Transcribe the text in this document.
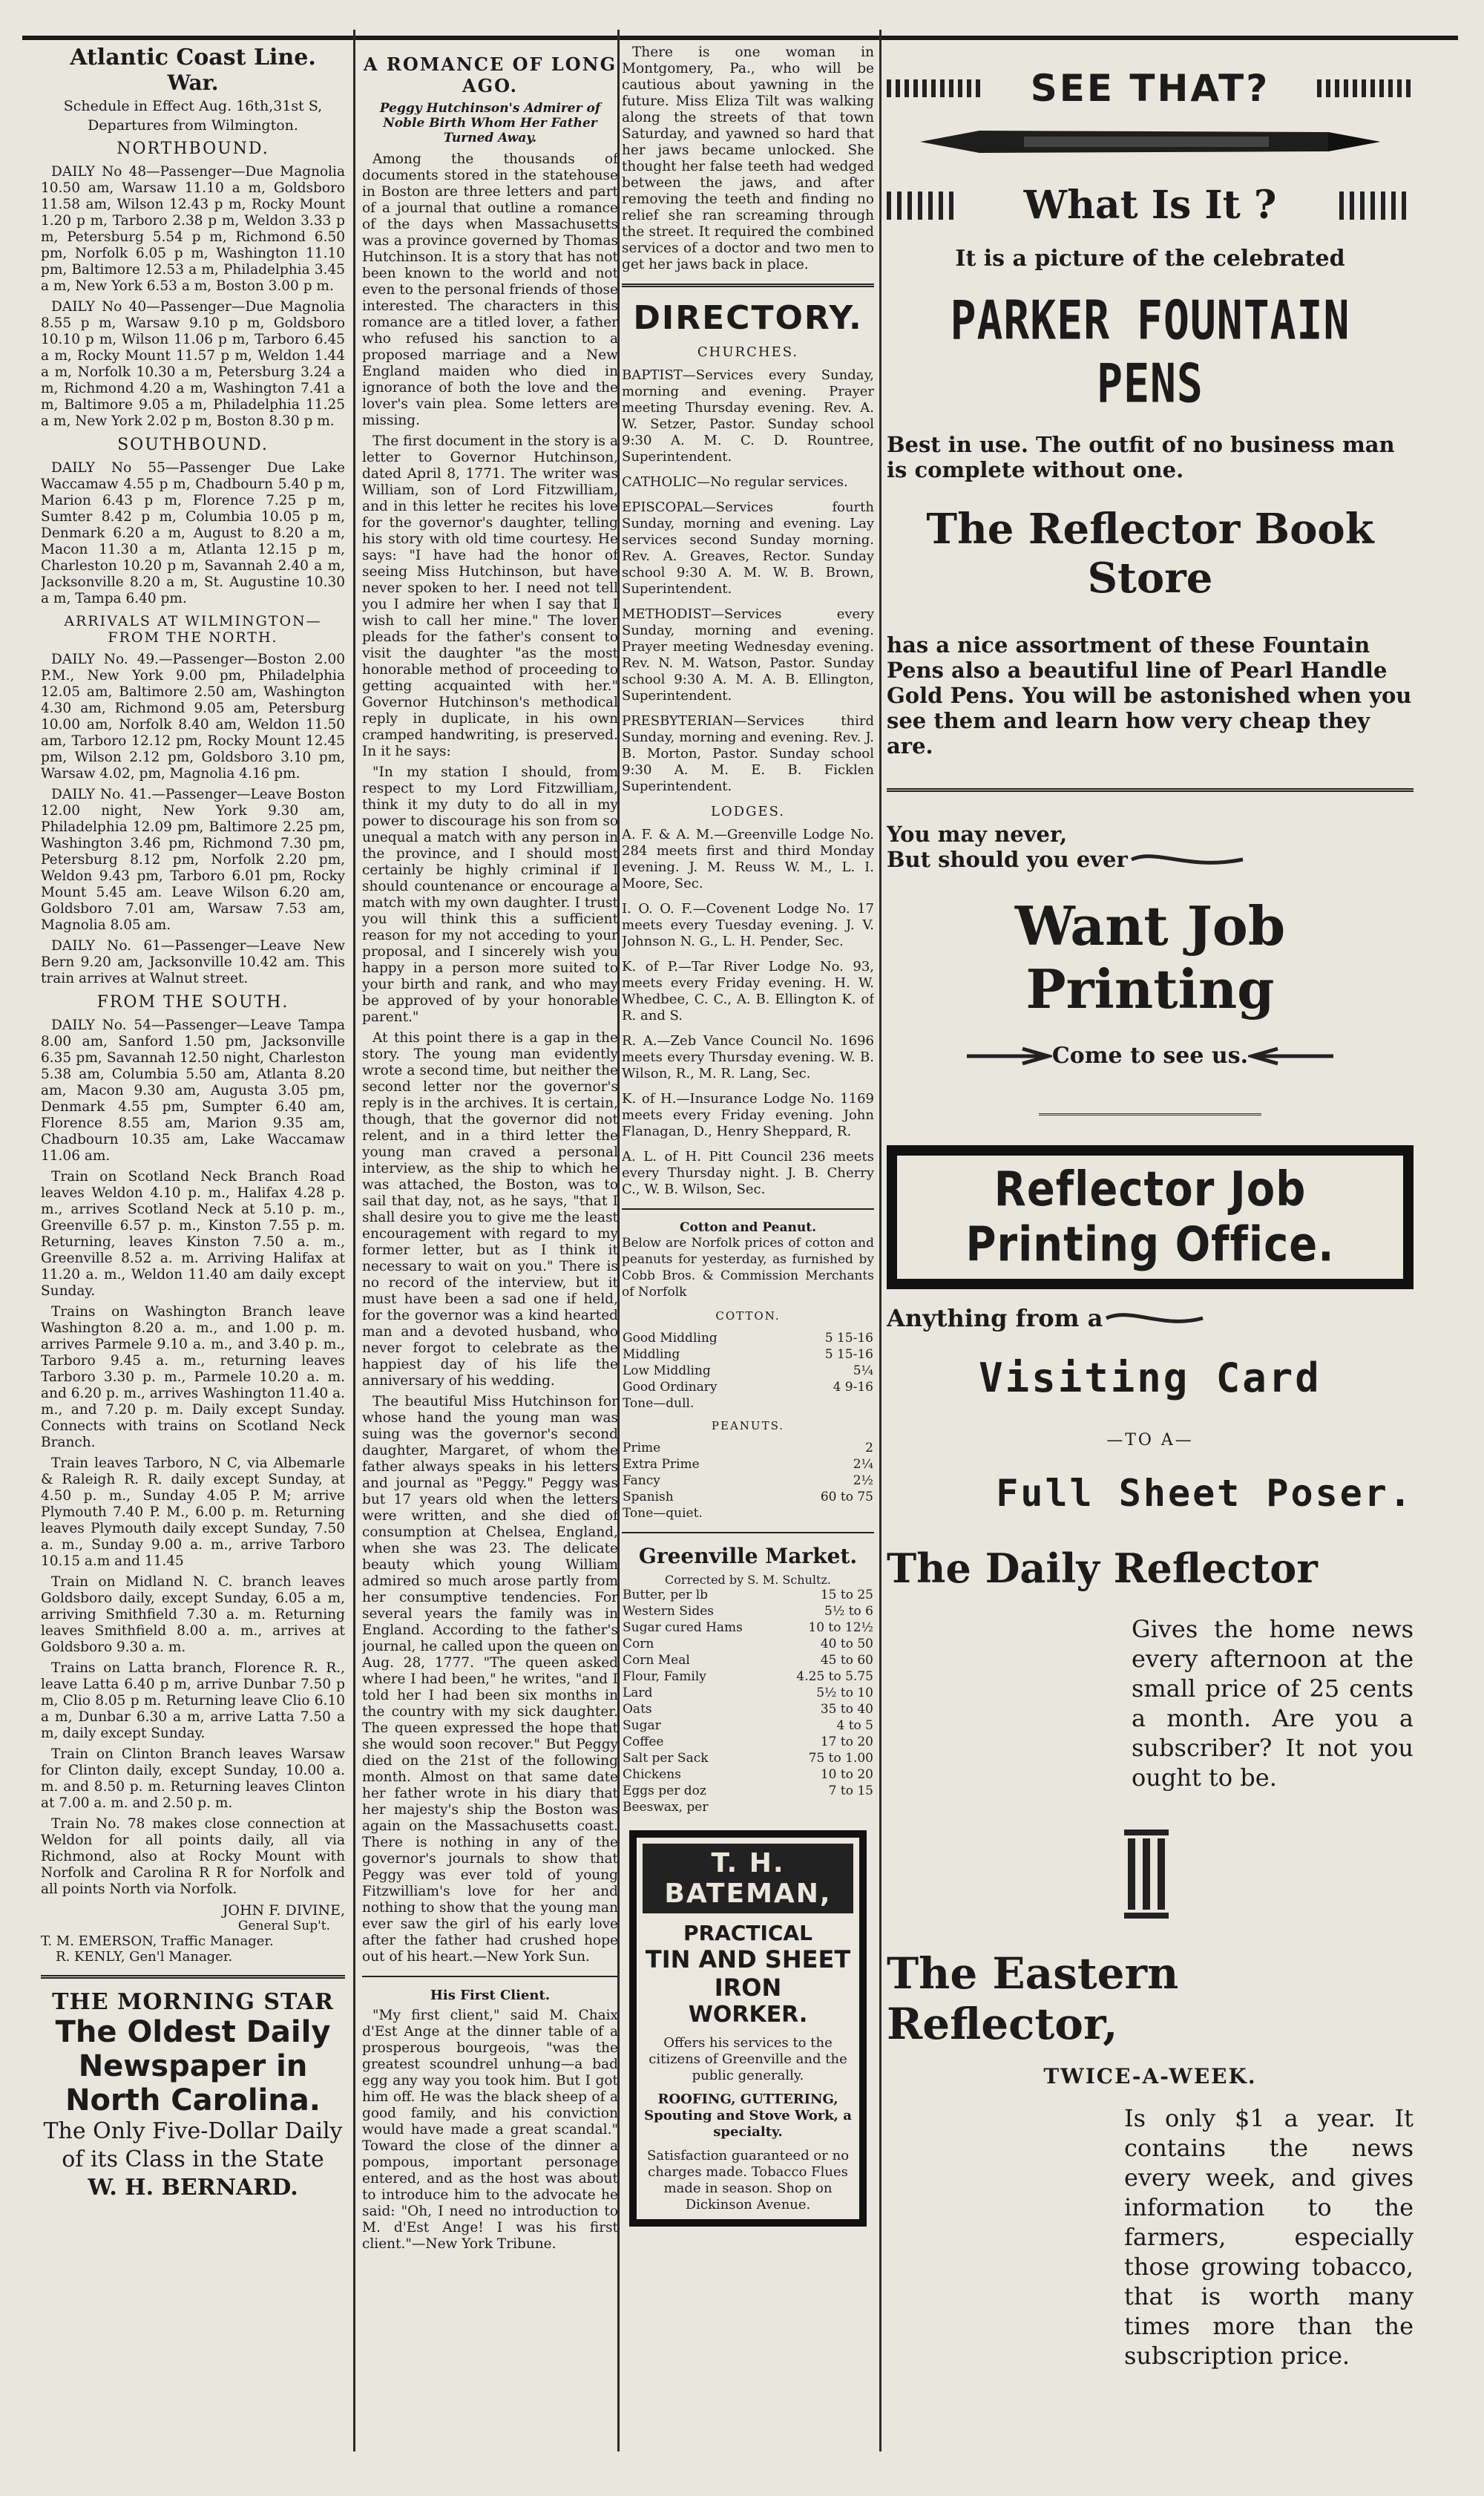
Atlantic Coast Line.

War.

Schedule in Effect Aug. 16th,31st S,

Departures from Wilmington.

NORTHBOUND.

DAILY No 48—Passenger—Due Magnolia 10.50 am, Warsaw 11.10 a m, Goldsboro 11.58 am, Wilson 12.43 p m, Rocky Mount 1.20 p m, Tarboro 2.38 p m, Weldon 3.33 p m, Petersburg 5.54 p m, Richmond 6.50 pm, Norfolk 6.05 p m, Washington 11.10 pm, Baltimore 12.53 a m, Philadelphia 3.45 a m, New York 6.53 a m, Boston 3.00 p m.

DAILY No 40—Passenger—Due Magnolia 8.55 p m, Warsaw 9.10 p m, Goldsboro 10.10 p m, Wilson 11.06 p m, Tarboro 6.45 a m, Rocky Mount 11.57 p m, Weldon 1.44 a m, Norfolk 10.30 a m, Petersburg 3.24 a m, Richmond 4.20 a m, Washington 7.41 a m, Baltimore 9.05 a m, Philadelphia 11.25 a m, New York 2.02 p m, Boston 8.30 p m.

SOUTHBOUND.

DAILY No 55—Passenger Due Lake Waccamaw 4.55 p m, Chadbourn 5.40 p m, Marion 6.43 p m, Florence 7.25 p m, Sumter 8.42 p m, Columbia 10.05 p m, Denmark 6.20 a m, August to 8.20 a m, Macon 11.30 a m, Atlanta 12.15 p m, Charleston 10.20 p m, Savannah 2.40 a m, Jacksonville 8.20 a m, St. Augustine 10.30 a m, Tampa 6.40 pm.

ARRIVALS AT WILMINGTON—FROM THE NORTH.

DAILY No. 49.—Passenger—Boston 2.00 P.M., New York 9.00 pm, Philadelphia 12.05 am, Baltimore 2.50 am, Washington 4.30 am, Richmond 9.05 am, Petersburg 10.00 am, Norfolk 8.40 am, Weldon 11.50 am, Tarboro 12.12 pm, Rocky Mount 12.45 pm, Wilson 2.12 pm, Goldsboro 3.10 pm, Warsaw 4.02, pm, Magnolia 4.16 pm.

DAILY No. 41.—Passenger—Leave Boston 12.00 night, New York 9.30 am, Philadelphia 12.09 pm, Baltimore 2.25 pm, Washington 3.46 pm, Richmond 7.30 pm, Petersburg 8.12 pm, Norfolk 2.20 pm, Weldon 9.43 pm, Tarboro 6.01 pm, Rocky Mount 5.45 am. Leave Wilson 6.20 am, Goldsboro 7.01 am, Warsaw 7.53 am, Magnolia 8.05 am.

DAILY No. 61—Passenger—Leave New Bern 9.20 am, Jacksonville 10.42 am. This train arrives at Walnut street.

FROM THE SOUTH.

DAILY No. 54—Passenger—Leave Tampa 8.00 am, Sanford 1.50 pm, Jacksonville 6.35 pm, Savannah 12.50 night, Charleston 5.38 am, Columbia 5.50 am, Atlanta 8.20 am, Macon 9.30 am, Augusta 3.05 pm, Denmark 4.55 pm, Sumpter 6.40 am, Florence 8.55 am, Marion 9.35 am, Chadbourn 10.35 am, Lake Waccamaw 11.06 am.

Train on Scotland Neck Branch Road leaves Weldon 4.10 p. m., Halifax 4.28 p. m., arrives Scotland Neck at 5.10 p. m., Greenville 6.57 p. m., Kinston 7.55 p. m. Returning, leaves Kinston 7.50 a. m., Greenville 8.52 a. m. Arriving Halifax at 11.20 a. m., Weldon 11.40 am daily except Sunday.

Trains on Washington Branch leave Washington 8.20 a. m., and 1.00 p. m. arrives Parmele 9.10 a. m., and 3.40 p. m., Tarboro 9.45 a. m., returning leaves Tarboro 3.30 p. m., Parmele 10.20 a. m. and 6.20 p. m., arrives Washington 11.40 a. m., and 7.20 p. m. Daily except Sunday. Connects with trains on Scotland Neck Branch.

Train leaves Tarboro, N C, via Albemarle & Raleigh R. R. daily except Sunday, at 4.50 p. m., Sunday 4.05 P. M; arrive Plymouth 7.40 P. M., 6.00 p. m. Returning leaves Plymouth daily except Sunday, 7.50 a. m., Sunday 9.00 a. m., arrive Tarboro 10.15 a.m and 11.45

Train on Midland N. C. branch leaves Goldsboro daily, except Sunday, 6.05 a m, arriving Smithfield 7.30 a. m. Returning leaves Smithfield 8.00 a. m., arrives at Goldsboro 9.30 a. m.

Trains on Latta branch, Florence R. R., leave Latta 6.40 p m, arrive Dunbar 7.50 p m, Clio 8.05 p m. Returning leave Clio 6.10 a m, Dunbar 6.30 a m, arrive Latta 7.50 a m, daily except Sunday.

Train on Clinton Branch leaves Warsaw for Clinton daily, except Sunday, 10.00 a. m. and 8.50 p. m. Returning leaves Clinton at 7.00 a. m. and 2.50 p. m.

Train No. 78 makes close connection at Weldon for all points daily, all via Richmond, also at Rocky Mount with Norfolk and Carolina R R for Norfolk and all points North via Norfolk.

JOHN F. DIVINE,
General Sup't.
T. M. EMERSON, Traffic Manager.
R. KENLY, Gen'l Manager.
THE MORNING STAR
The Oldest Daily Newspaper in North Carolina.
The Only Five-Dollar Daily of its Class in the State
W. H. BERNARD.
A ROMANCE OF LONG AGO.
Peggy Hutchinson's Admirer of Noble Birth Whom Her Father Turned Away.

Among the thousands of documents stored in the statehouse in Boston are three letters and part of a journal that outline a romance of the days when Massachusetts was a province governed by Thomas Hutchinson. It is a story that has not been known to the world and not even to the personal friends of those interested. The characters in this romance are a titled lover, a father who refused his sanction to a proposed marriage and a New England maiden who died in ignorance of both the love and the lover's vain plea. Some letters are missing.

The first document in the story is a letter to Governor Hutchinson, dated April 8, 1771. The writer was William, son of Lord Fitzwilliam, and in this letter he recites his love for the governor's daughter, telling his story with old time courtesy. He says: "I have had the honor of seeing Miss Hutchinson, but have never spoken to her. I need not tell you I admire her when I say that I wish to call her mine." The lover pleads for the father's consent to visit the daughter "as the most honorable method of proceeding to getting acquainted with her." Governor Hutchinson's methodical reply in duplicate, in his own cramped handwriting, is preserved. In it he says:

"In my station I should, from respect to my Lord Fitzwilliam, think it my duty to do all in my power to discourage his son from so unequal a match with any person in the province, and I should most certainly be highly criminal if I should countenance or encourage a match with my own daughter. I trust you will think this a sufficient reason for my not acceding to your proposal, and I sincerely wish you happy in a person more suited to your birth and rank, and who may be approved of by your honorable parent."

At this point there is a gap in the story. The young man evidently wrote a second time, but neither the second letter nor the governor's reply is in the archives. It is certain, though, that the governor did not relent, and in a third letter the young man craved a personal interview, as the ship to which he was attached, the Boston, was to sail that day, not, as he says, "that I shall desire you to give me the least encouragement with regard to my former letter, but as I think it necessary to wait on you." There is no record of the interview, but it must have been a sad one if held, for the governor was a kind hearted man and a devoted husband, who never forgot to celebrate as the happiest day of his life the anniversary of his wedding.

The beautiful Miss Hutchinson for whose hand the young man was suing was the governor's second daughter, Margaret, of whom the father always speaks in his letters and journal as "Peggy." Peggy was but 17 years old when the letters were written, and she died of consumption at Chelsea, England, when she was 23. The delicate beauty which young William admired so much arose partly from her consumptive tendencies. For several years the family was in England. According to the father's journal, he called upon the queen on Aug. 28, 1777. "The queen asked where I had been," he writes, "and I told her I had been six months in the country with my sick daughter. The queen expressed the hope that she would soon recover." But Peggy died on the 21st of the following month. Almost on that same date her father wrote in his diary that her majesty's ship the Boston was again on the Massachusetts coast. There is nothing in any of the governor's journals to show that Peggy was ever told of young Fitzwilliam's love for her and nothing to show that the young man ever saw the girl of his early love after the father had crushed hope out of his heart.—New York Sun.

His First Client.

"My first client," said M. Chaix d'Est Ange at the dinner table of a prosperous bourgeois, "was the greatest scoundrel unhung—a bad egg any way you took him. But I got him off. He was the black sheep of a good family, and his conviction would have made a great scandal." Toward the close of the dinner a pompous, important personage entered, and as the host was about to introduce him to the advocate he said: "Oh, I need no introduction to M. d'Est Ange! I was his first client."—New York Tribune.

There is one woman in Montgomery, Pa., who will be cautious about yawning in the future. Miss Eliza Tilt was walking along the streets of that town Saturday, and yawned so hard that her jaws became unlocked. She thought her false teeth had wedged between the jaws, and after removing the teeth and finding no relief she ran screaming through the street. It required the combined services of a doctor and two men to get her jaws back in place.

DIRECTORY.
CHURCHES.

BAPTIST—Services every Sunday, morning and evening. Prayer meeting Thursday evening. Rev. A. W. Setzer, Pastor. Sunday school 9:30 A. M. C. D. Rountree, Superintendent.

CATHOLIC—No regular services.

EPISCOPAL—Services fourth Sunday, morning and evening. Lay services second Sunday morning. Rev. A. Greaves, Rector. Sunday school 9:30 A. M. W. B. Brown, Superintendent.

METHODIST—Services every Sunday, morning and evening. Prayer meeting Wednesday evening. Rev. N. M. Watson, Pastor. Sunday school 9:30 A. M. A. B. Ellington, Superintendent.

PRESBYTERIAN—Services third Sunday, morning and evening. Rev. J. B. Morton, Pastor. Sunday school 9:30 A. M. E. B. Ficklen Superintendent.

LODGES.

A. F. & A. M.—Greenville Lodge No. 284 meets first and third Monday evening. J. M. Reuss W. M., L. I. Moore, Sec.

I. O. O. F.—Covenent Lodge No. 17 meets every Tuesday evening. J. V. Johnson N. G., L. H. Pender, Sec.

K. of P.—Tar River Lodge No. 93, meets every Friday evening. H. W. Whedbee, C. C., A. B. Ellington K. of R. and S.

R. A.—Zeb Vance Council No. 1696 meets every Thursday evening. W. B. Wilson, R., M. R. Lang, Sec.

K. of H.—Insurance Lodge No. 1169 meets every Friday evening. John Flanagan, D., Henry Sheppard, R.

A. L. of H. Pitt Council 236 meets every Thursday night. J. B. Cherry C., W. B. Wilson, Sec.

Cotton and Peanut.

Below are Norfolk prices of cotton and peanuts for yesterday, as furnished by Cobb Bros. & Commission Merchants of Norfolk

COTTON.
Good Middling	5 15-16
Middling	5 15-16
Low Middling	5¼
Good Ordinary	4 9-16
Tone—dull.	
PEANUTS.
Prime	2
Extra Prime	2¼
Fancy	2½
Spanish	60 to 75
Tone—quiet.	
Greenville Market.
Corrected by S. M. Schultz.
Butter, per lb	15 to 25
Western Sides	5½ to 6
Sugar cured Hams	10 to 12½
Corn	40 to 50
Corn Meal	45 to 60
Flour, Family	4.25 to 5.75
Lard	5½ to 10
Oats	35 to 40
Sugar	4 to 5
Coffee	17 to 20
Salt per Sack	75 to 1.00
Chickens	10 to 20
Eggs per doz	7 to 15
Beeswax, per	
T. H. BATEMAN,
PRACTICAL
TIN AND SHEET IRON
WORKER.
Offers his services to the citizens of Greenville and the public generally.
ROOFING, GUTTERING, Spouting and Stove Work, a specialty.
Satisfaction guaranteed or no charges made. Tobacco Flues made in season. Shop on Dickinson Avenue.
SEE THAT?
What Is It ?
It is a picture of the celebrated
PARKER FOUNTAIN PENS
Best in use. The outfit of no business man is complete without one.
The Reflector Book Store
has a nice assortment of these Fountain Pens also a beautiful line of Pearl Handle Gold Pens. You will be astonished when you see them and learn how very cheap they are.
You may never,
But should you ever
Want Job Printing
Come to see us.
Reflector Job Printing Office.
Anything from a
Visiting Card
—TO A—
Full Sheet Poser.
The Daily Reflector
Gives the home news every afternoon at the small price of 25 cents a month. Are you a subscriber? It not you ought to be.
The Eastern Reflector,
TWICE-A-WEEK.
Is only $1 a year. It contains the news every week, and gives information to the farmers, especially those growing tobacco, that is worth many times more than the subscription price.
